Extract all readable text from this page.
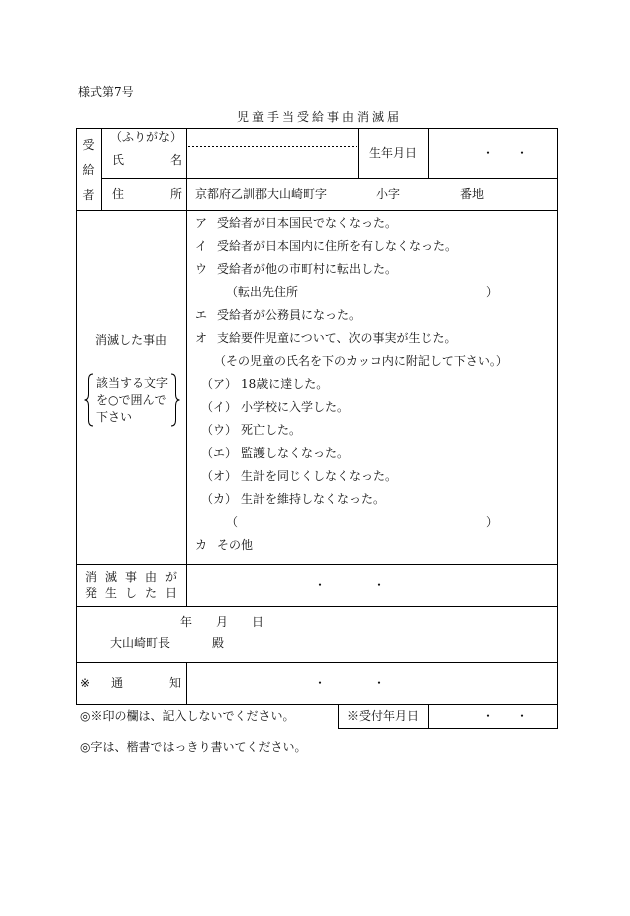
様式第7号
児童手当受給事由消滅届
受
給
者
（ふりがな）
氏	名	生年月日	・ ・
住	所 京都府乙訓郡大山崎町字	小字	番地
消滅した事由
該当する文字
を○で囲んで
下さい
ア 受給者が日本国民でなくなった。
イ 受給者が日本国内に住所を有しなくなった。
ウ 受給者が他の市町村に転出した。
（転出先住所	）
エ 受給者が公務員になった。
オ 支給要件児童について、次の事実が生じた。
（その児童の氏名を下のカッコ内に附記して下さい。）
（ア） 18歳に達した。
（イ） 小学校に入学した。
（ウ） 死亡した。
（エ） 監護しなくなった。
（オ） 生計を同じくしなくなった。
（カ） 生計を維持しなくなった。
（	）
カ その他
消 滅 事 由 が
発 生 し た 日
・	・
年 月 日
大山崎町長	殿
※ 通	知	・	・
◎※印の欄は、記入しないでください。	※受付年月日	・ ・
◎字は、楷書ではっきり書いてください。
